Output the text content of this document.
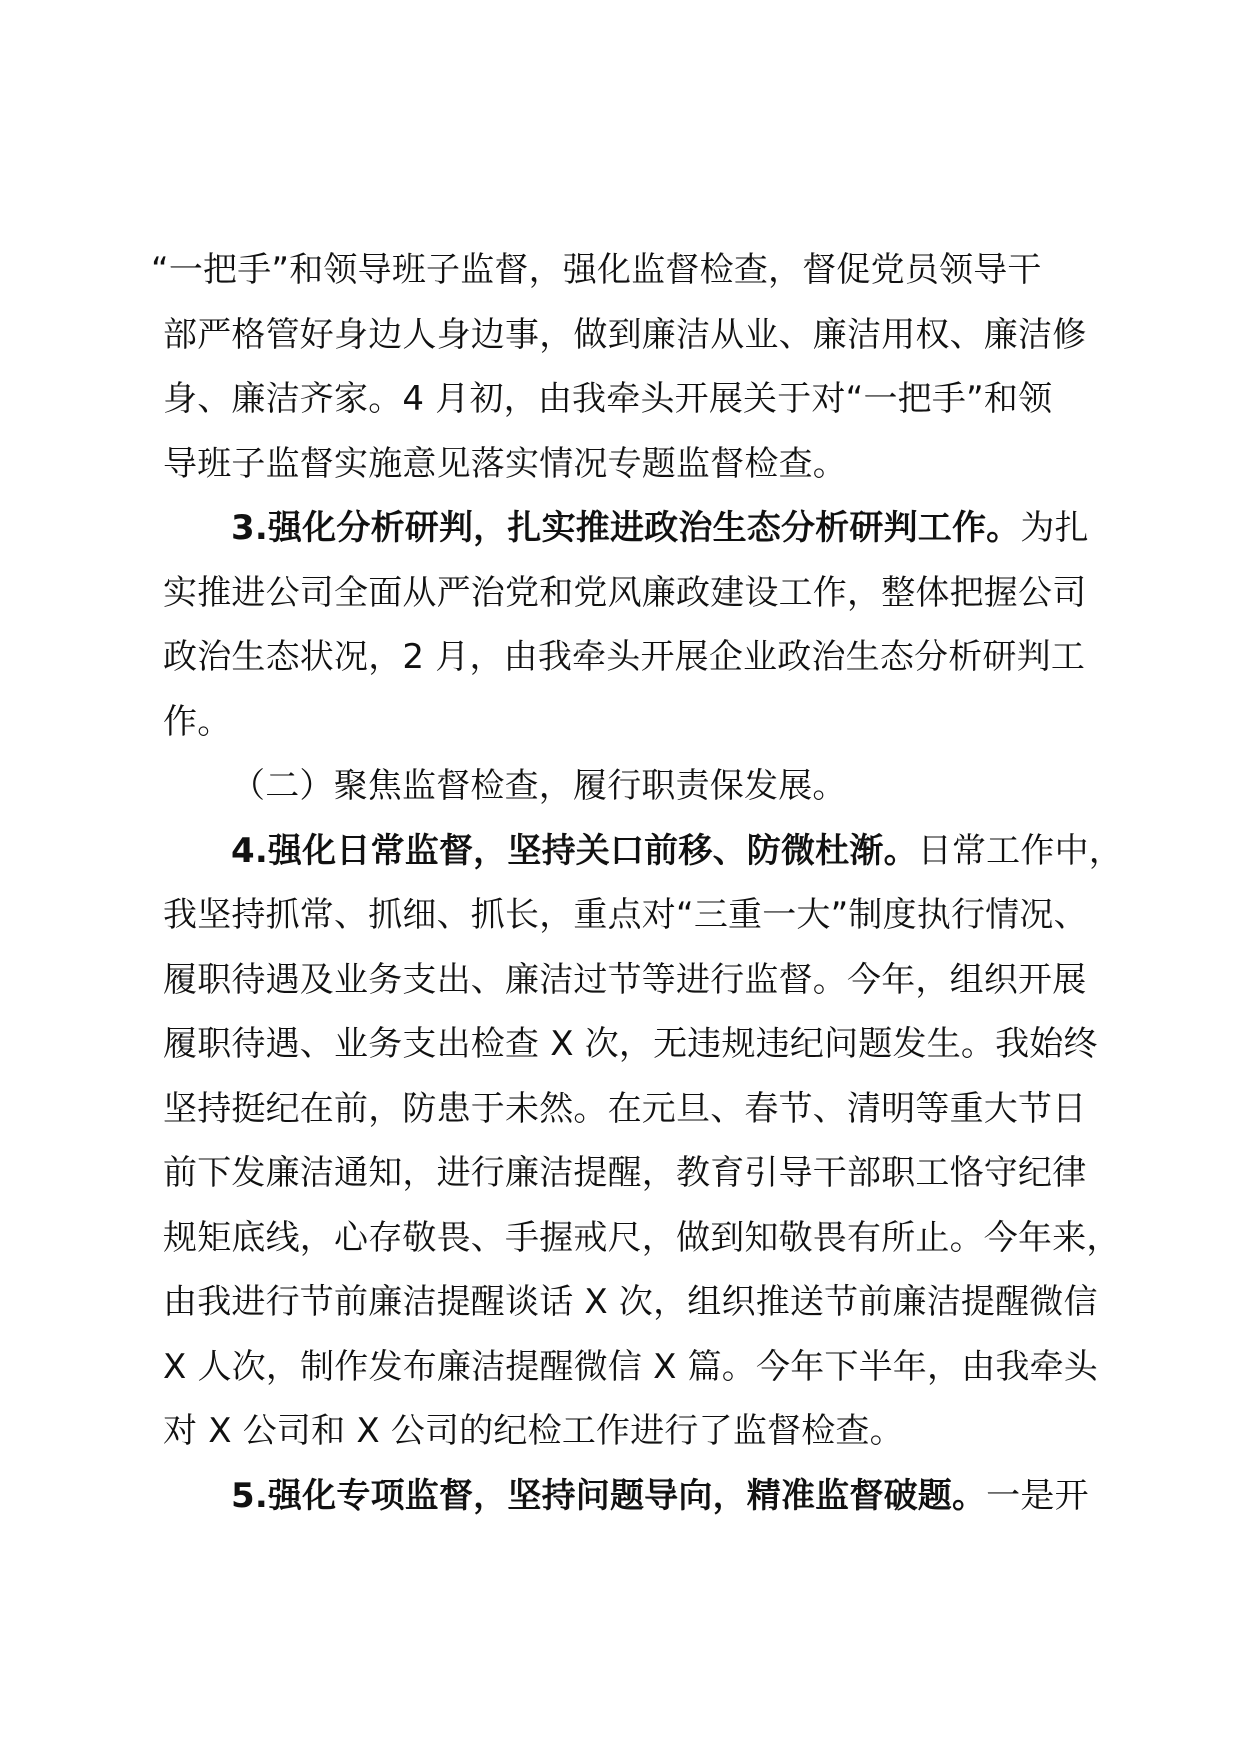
“一把手”和领导班子监督，强化监督检查，督促党员领导干
部严格管好身边人身边事，做到廉洁从业、廉洁用权、廉洁修
身、廉洁齐家。4 月初，由我牵头开展关于对“一把手”和领
导班子监督实施意见落实情况专题监督检查。
3.强化分析研判，扎实推进政治生态分析研判工作。为扎
实推进公司全面从严治党和党风廉政建设工作，整体把握公司
政治生态状况，2 月，由我牵头开展企业政治生态分析研判工
作。
（二）聚焦监督检查，履行职责保发展。
4.强化日常监督，坚持关口前移、防微杜渐。日常工作中，
我坚持抓常、抓细、抓长，重点对“三重一大”制度执行情况、
履职待遇及业务支出、廉洁过节等进行监督。今年，组织开展
履职待遇、业务支出检查 X 次，无违规违纪问题发生。我始终
坚持挺纪在前，防患于未然。在元旦、春节、清明等重大节日
前下发廉洁通知，进行廉洁提醒，教育引导干部职工恪守纪律
规矩底线，心存敬畏、手握戒尺，做到知敬畏有所止。今年来，
由我进行节前廉洁提醒谈话 X 次，组织推送节前廉洁提醒微信
X 人次，制作发布廉洁提醒微信 X 篇。今年下半年，由我牵头
对 X 公司和 X 公司的纪检工作进行了监督检查。
5.强化专项监督，坚持问题导向，精准监督破题。一是开
